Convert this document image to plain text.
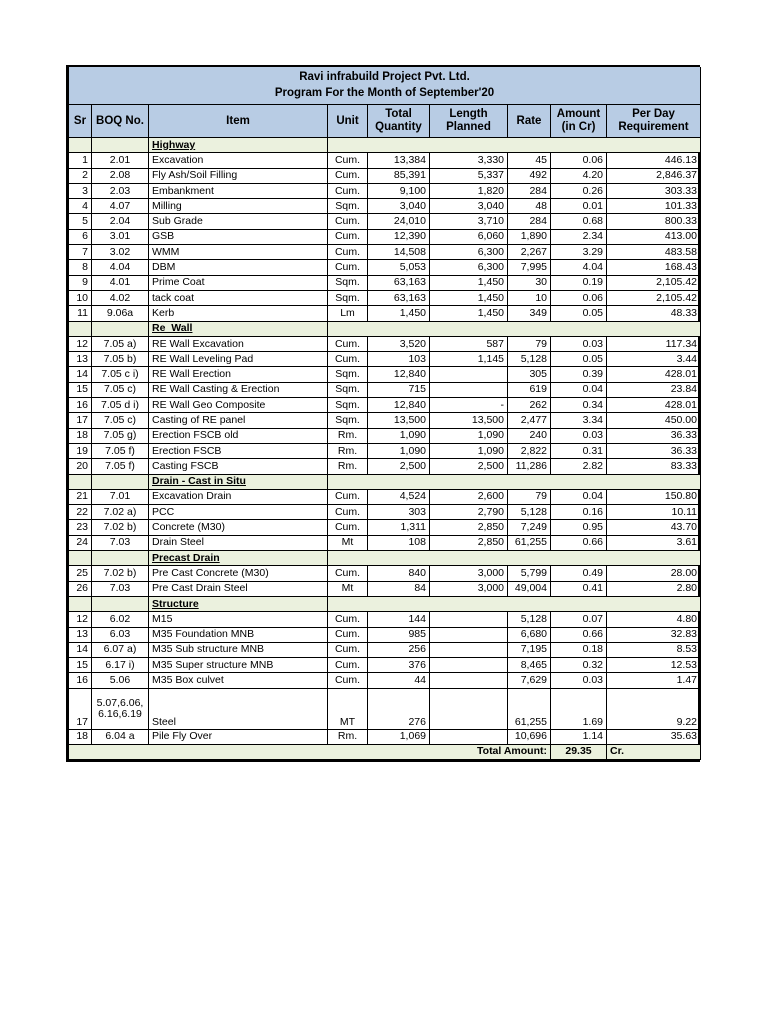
Ravi infrabuild Project Pvt. Ltd.								
Program For the Month of September'20								
Sr	BOQ No.	Item	Unit	Total Quantity	Length Planned	Rate	Amount (in Cr)	Per Day Requirement
		Highway						
1	2.01	Excavation	Cum.	13,384	3,330	45	0.06	446.13
2	2.08	Fly Ash/Soil Filling	Cum.	85,391	5,337	492	4.20	2,846.37
3	2.03	Embankment	Cum.	9,100	1,820	284	0.26	303.33
4	4.07	Milling	Sqm.	3,040	3,040	48	0.01	101.33
5	2.04	Sub Grade	Cum.	24,010	3,710	284	0.68	800.33
6	3.01	GSB	Cum.	12,390	6,060	1,890	2.34	413.00
7	3.02	WMM	Cum.	14,508	6,300	2,267	3.29	483.58
8	4.04	DBM	Cum.	5,053	6,300	7,995	4.04	168.43
9	4.01	Prime Coat	Sqm.	63,163	1,450	30	0.19	2,105.42
10	4.02	tack coat	Sqm.	63,163	1,450	10	0.06	2,105.42
11	9.06a	Kerb	Lm	1,450	1,450	349	0.05	48.33
		Re_Wall						
12	7.05 a)	RE Wall Excavation	Cum.	3,520	587	79	0.03	117.34
13	7.05 b)	RE Wall Leveling Pad	Cum.	103	1,145	5,128	0.05	3.44
14	7.05 c i)	RE Wall Erection	Sqm.	12,840		305	0.39	428.01
15	7.05 c)	RE Wall Casting & Erection	Sqm.	715		619	0.04	23.84
16	7.05 d i)	RE Wall Geo Composite	Sqm.	12,840	-	262	0.34	428.01
17	7.05 c)	Casting of RE panel	Sqm.	13,500	13,500	2,477	3.34	450.00
18	7.05 g)	Erection FSCB old	Rm.	1,090	1,090	240	0.03	36.33
19	7.05 f)	Erection FSCB	Rm.	1,090	1,090	2,822	0.31	36.33
20	7.05 f)	Casting FSCB	Rm.	2,500	2,500	11,286	2.82	83.33
		Drain - Cast in Situ						
21	7.01	Excavation Drain	Cum.	4,524	2,600	79	0.04	150.80
22	7.02 a)	PCC	Cum.	303	2,790	5,128	0.16	10.11
23	7.02 b)	Concrete (M30)	Cum.	1,311	2,850	7,249	0.95	43.70
24	7.03	Drain Steel	Mt	108	2,850	61,255	0.66	3.61
		Precast Drain						
25	7.02 b)	Pre Cast Concrete (M30)	Cum.	840	3,000	5,799	0.49	28.00
26	7.03	Pre Cast Drain Steel	Mt	84	3,000	49,004	0.41	2.80
		Structure						
12	6.02	M15	Cum.	144		5,128	0.07	4.80
13	6.03	M35 Foundation MNB	Cum.	985		6,680	0.66	32.83
14	6.07 a)	M35 Sub structure MNB	Cum.	256		7,195	0.18	8.53
15	6.17 i)	M35 Super structure MNB	Cum.	376		8,465	0.32	12.53
16	5.06	M35 Box culvet	Cum.	44		7,629	0.03	1.47
17	5.07,6.06, 6.16,6.19	Steel	MT	276		61,255	1.69	9.22
18	6.04 a	Pile Fly Over	Rm.	1,069		10,696	1.14	35.63
Total Amount:							29.35	Cr.
